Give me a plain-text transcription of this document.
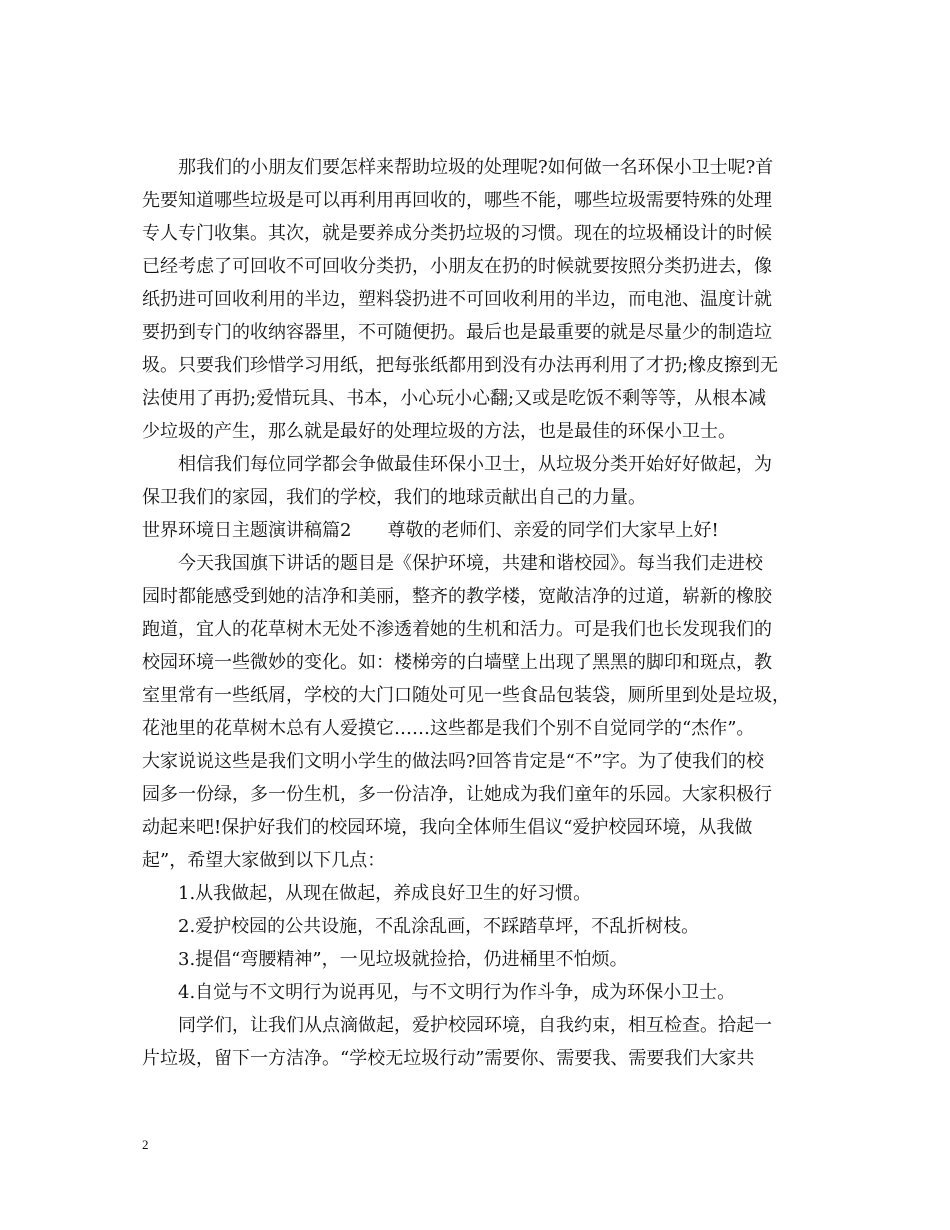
那我们的小朋友们要怎样来帮助垃圾的处理呢?如何做一名环保小卫士呢?首
先要知道哪些垃圾是可以再利用再回收的，哪些不能，哪些垃圾需要特殊的处理
专人专门收集。其次，就是要养成分类扔垃圾的习惯。现在的垃圾桶设计的时候
已经考虑了可回收不可回收分类扔，小朋友在扔的时候就要按照分类扔进去，像
纸扔进可回收利用的半边，塑料袋扔进不可回收利用的半边，而电池、温度计就
要扔到专门的收纳容器里，不可随便扔。最后也是最重要的就是尽量少的制造垃
圾。只要我们珍惜学习用纸，把每张纸都用到没有办法再利用了才扔;橡皮擦到无
法使用了再扔;爱惜玩具、书本，小心玩小心翻;又或是吃饭不剩等等，从根本减
少垃圾的产生，那么就是最好的处理垃圾的方法，也是最佳的环保小卫士。
相信我们每位同学都会争做最佳环保小卫士，从垃圾分类开始好好做起，为
保卫我们的家园，我们的学校，我们的地球贡献出自己的力量。
世界环境日主题演讲稿篇2　　尊敬的老师们、亲爱的同学们大家早上好!
今天我国旗下讲话的题目是《保护环境，共建和谐校园》。每当我们走进校
园时都能感受到她的洁净和美丽，整齐的教学楼，宽敞洁净的过道，崭新的橡胶
跑道，宜人的花草树木无处不渗透着她的生机和活力。可是我们也长发现我们的
校园环境一些微妙的变化。如：楼梯旁的白墙壁上出现了黑黑的脚印和斑点，教
室里常有一些纸屑，学校的大门口随处可见一些食品包装袋，厕所里到处是垃圾，
花池里的花草树木总有人爱摸它……这些都是我们个别不自觉同学的“杰作”。
大家说说这些是我们文明小学生的做法吗?回答肯定是“不”字。为了使我们的校
园多一份绿，多一份生机，多一份洁净，让她成为我们童年的乐园。大家积极行
动起来吧!保护好我们的校园环境，我向全体师生倡议“爱护校园环境，从我做
起”，希望大家做到以下几点：
1.从我做起，从现在做起，养成良好卫生的好习惯。
2.爱护校园的公共设施，不乱涂乱画，不踩踏草坪，不乱折树枝。
3.提倡“弯腰精神”，一见垃圾就捡拾，仍进桶里不怕烦。
4.自觉与不文明行为说再见，与不文明行为作斗争，成为环保小卫士。
同学们，让我们从点滴做起，爱护校园环境，自我约束，相互检查。拾起一
片垃圾，留下一方洁净。“学校无垃圾行动”需要你、需要我、需要我们大家共
2
